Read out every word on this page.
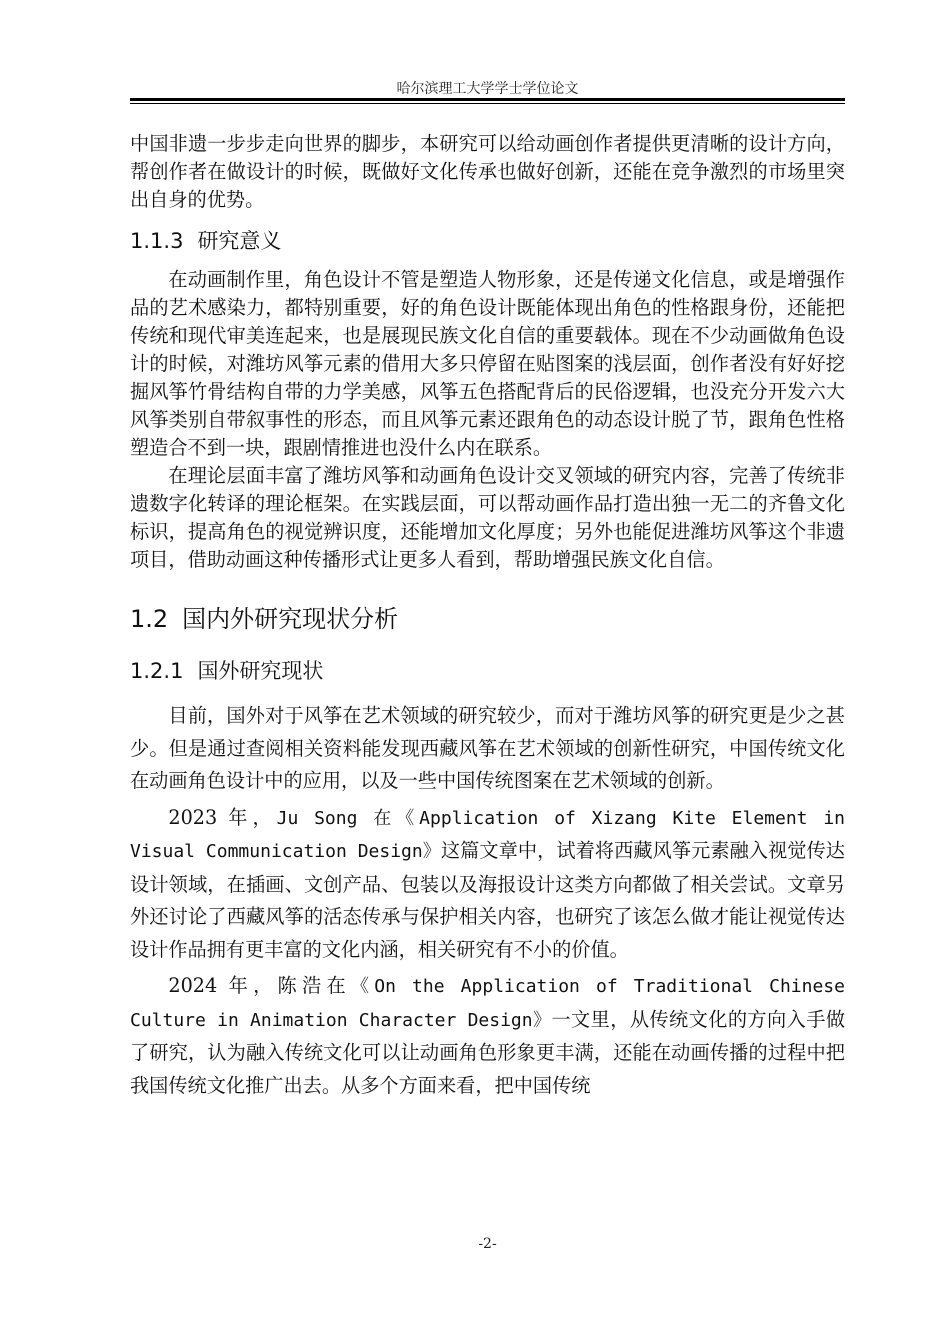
哈尔滨理工大学学士学位论文

中国非遗一步步走向世界的脚步，本研究可以给动画创作者提供更清晰的设计方向，帮创作者在做设计的时候，既做好文化传承也做好创新，还能在竞争激烈的市场里突出自身的优势。

1.1.3 研究意义

在动画制作里，角色设计不管是塑造人物形象，还是传递文化信息，或是增强作品的艺术感染力，都特别重要，好的角色设计既能体现出角色的性格跟身份，还能把传统和现代审美连起来，也是展现民族文化自信的重要载体。现在不少动画做角色设计的时候，对潍坊风筝元素的借用大多只停留在贴图案的浅层面，创作者没有好好挖掘风筝竹骨结构自带的力学美感，风筝五色搭配背后的民俗逻辑，也没充分开发六大风筝类别自带叙事性的形态，而且风筝元素还跟角色的动态设计脱了节，跟角色性格塑造合不到一块，跟剧情推进也没什么内在联系。

在理论层面丰富了潍坊风筝和动画角色设计交叉领域的研究内容，完善了传统非遗数字化转译的理论框架。在实践层面，可以帮动画作品打造出独一无二的齐鲁文化标识，提高角色的视觉辨识度，还能增加文化厚度；另外也能促进潍坊风筝这个非遗项目，借助动画这种传播形式让更多人看到，帮助增强民族文化自信。

1.2 国内外研究现状分析
1.2.1 国外研究现状

目前，国外对于风筝在艺术领域的研究较少，而对于潍坊风筝的研究更是少之甚少。但是通过查阅相关资料能发现西藏风筝在艺术领域的创新性研究，中国传统文化在动画角色设计中的应用，以及一些中国传统图案在艺术领域的创新。

2023 年，Ju Song 在《Application of Xizang Kite Element in Visual Communication Design》这篇文章中，试着将西藏风筝元素融入视觉传达设计领域，在插画、文创产品、包装以及海报设计这类方向都做了相关尝试。文章另外还讨论了西藏风筝的活态传承与保护相关内容，也研究了该怎么做才能让视觉传达设计作品拥有更丰富的文化内涵，相关研究有不小的价值。

2024 年，陈浩在《On the Application of Traditional Chinese Culture in Animation Character Design》一文里，从传统文化的方向入手做了研究，认为融入传统文化可以让动画角色形象更丰满，还能在动画传播的过程中把我国传统文化推广出去。从多个方面来看，把中国传统

-2-
